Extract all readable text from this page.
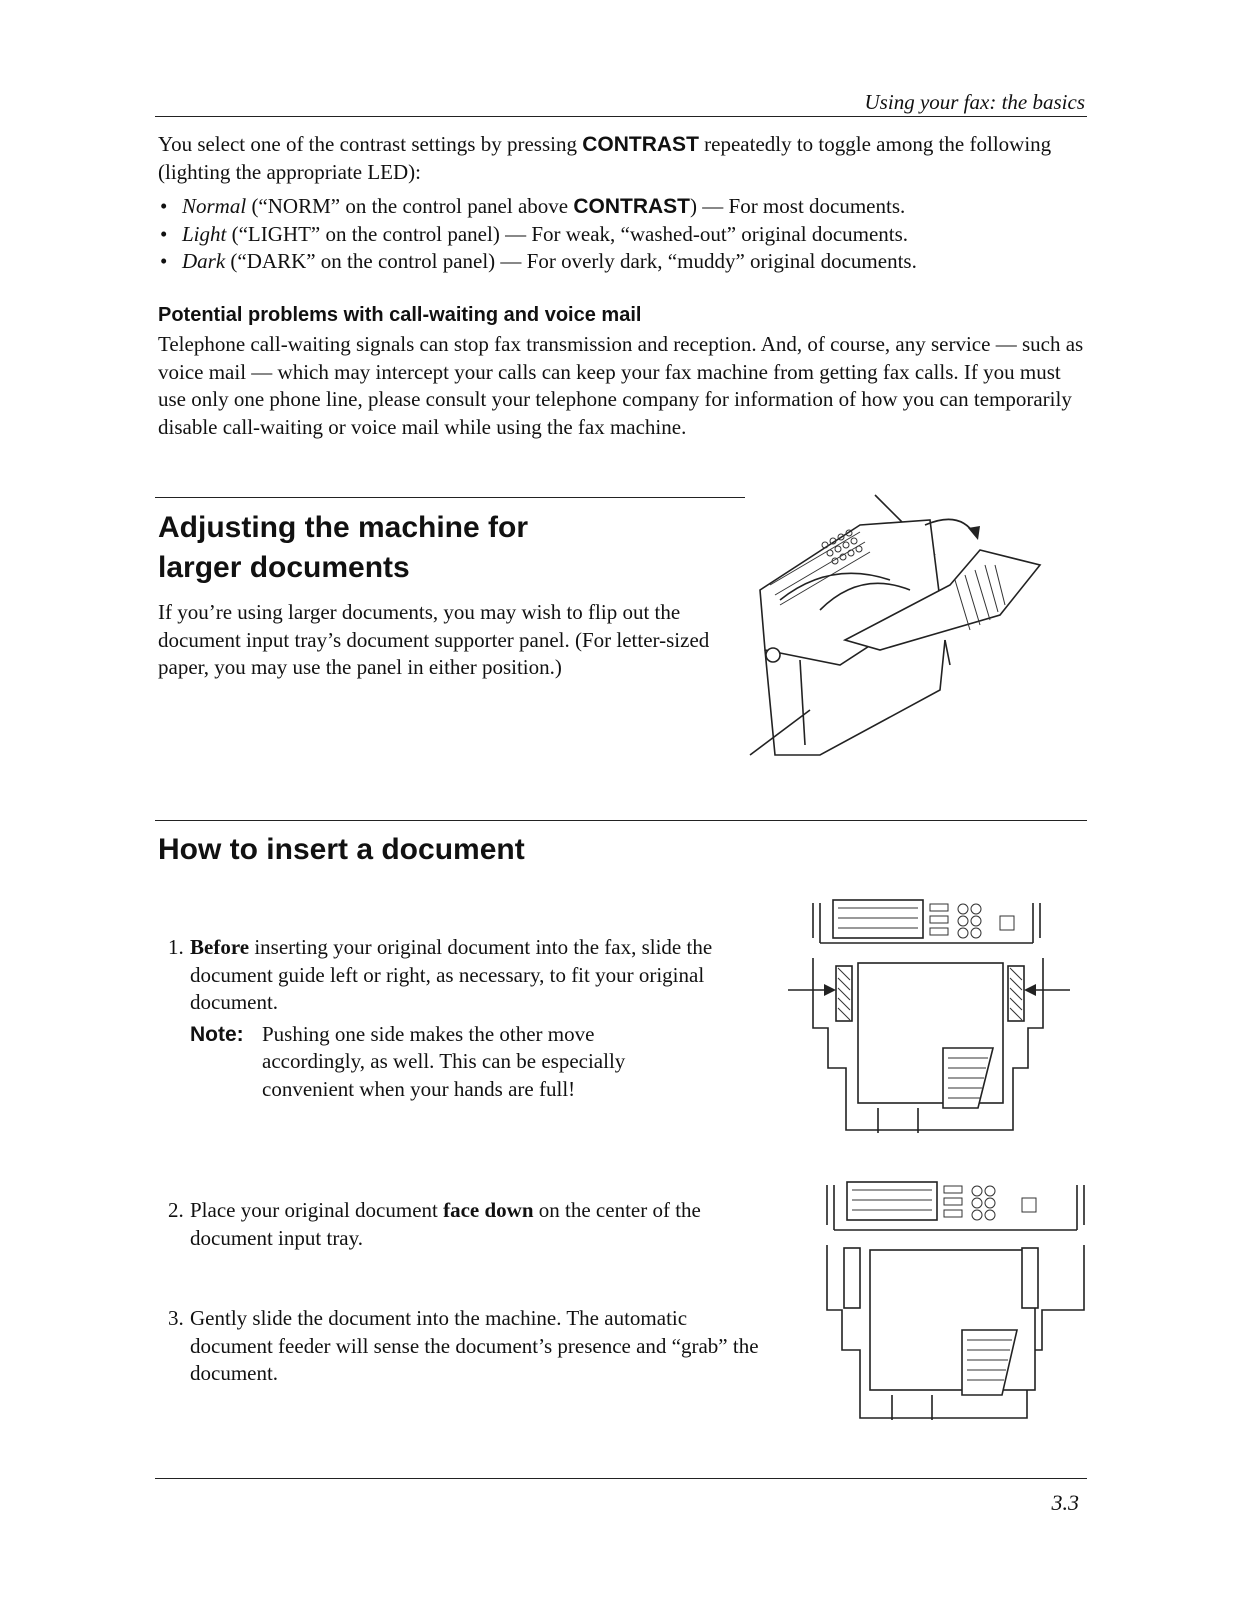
Using your fax: the basics
You select one of the contrast settings by pressing CONTRAST repeatedly to toggle among the following (lighting the appropriate LED):
• Normal (“NORM” on the control panel above CONTRAST) — For most documents.
• Light (“LIGHT” on the control panel) — For weak, “washed-out” original documents.
• Dark (“DARK” on the control panel) — For overly dark, “muddy” original documents.
Potential problems with call-waiting and voice mail
Telephone call-waiting signals can stop fax transmission and reception. And, of course, any service — such as voice mail — which may intercept your calls can keep your fax machine from getting fax calls. If you must use only one phone line, please consult your telephone company for information of how you can temporarily disable call-waiting or voice mail while using the fax machine.
Adjusting the machine for
larger documents
If you’re using larger documents, you may wish to flip out the document input tray’s document supporter panel. (For letter-sized paper, you may use the panel in either position.)
How to insert a document
1. Before inserting your original document into the fax, slide the document guide left or right, as necessary, to fit your original document.
Note: Pushing one side makes the other move accordingly, as well. This can be especially convenient when your hands are full!
2. Place your original document face down on the center of the document input tray.
3. Gently slide the document into the machine. The automatic document feeder will sense the document’s presence and “grab” the document.
3.3
